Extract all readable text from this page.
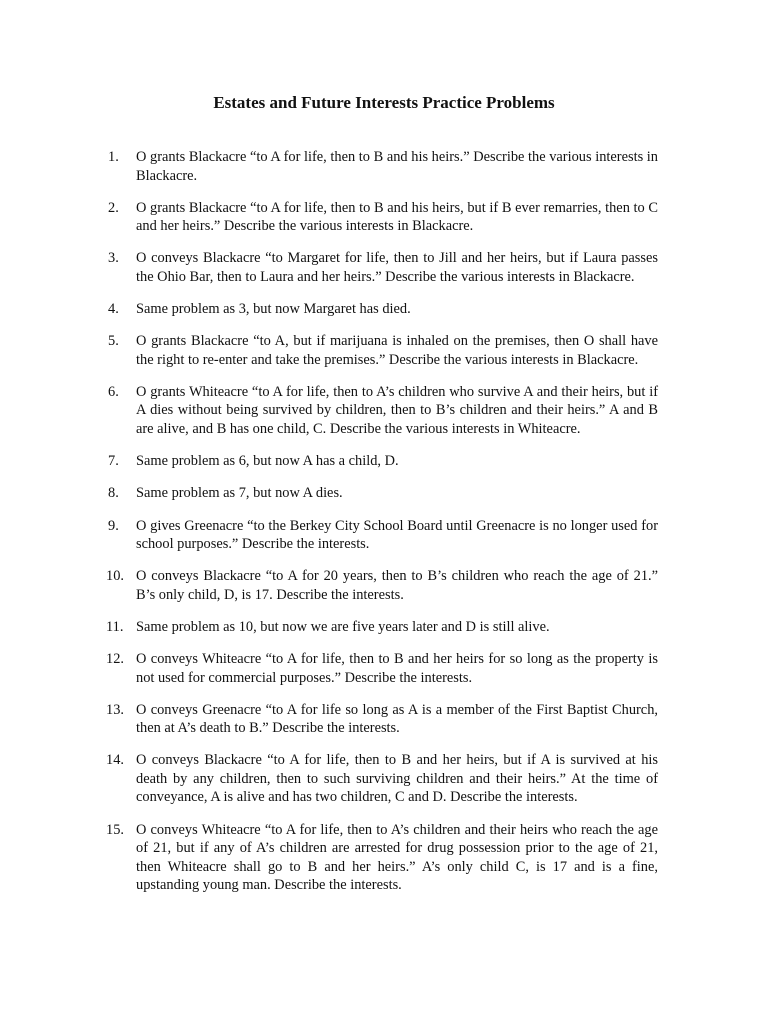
Estates and Future Interests Practice Problems
1.	O grants Blackacre “to A for life, then to B and his heirs.” Describe the various interests in Blackacre.
2.	O grants Blackacre “to A for life, then to B and his heirs, but if B ever remarries, then to C and her heirs.” Describe the various interests in Blackacre.
3.	O conveys Blackacre “to Margaret for life, then to Jill and her heirs, but if Laura passes the Ohio Bar, then to Laura and her heirs.” Describe the various interests in Blackacre.
4.	Same problem as 3, but now Margaret has died.
5.	O grants Blackacre “to A, but if marijuana is inhaled on the premises, then O shall have the right to re-enter and take the premises.” Describe the various interests in Blackacre.
6.	O grants Whiteacre “to A for life, then to A’s children who survive A and their heirs, but if A dies without being survived by children, then to B’s children and their heirs.” A and B are alive, and B has one child, C. Describe the various interests in Whiteacre.
7.	Same problem as 6, but now A has a child, D.
8.	Same problem as 7, but now A dies.
9.	O gives Greenacre “to the Berkey City School Board until Greenacre is no longer used for school purposes.” Describe the interests.
10. O conveys Blackacre “to A for 20 years, then to B’s children who reach the age of 21.” B’s only child, D, is 17. Describe the interests.
11. Same problem as 10, but now we are five years later and D is still alive.
12. O conveys Whiteacre “to A for life, then to B and her heirs for so long as the property is not used for commercial purposes.” Describe the interests.
13. O conveys Greenacre “to A for life so long as A is a member of the First Baptist Church, then at A’s death to B.” Describe the interests.
14. O conveys Blackacre “to A for life, then to B and her heirs, but if A is survived at his death by any children, then to such surviving children and their heirs.” At the time of conveyance, A is alive and has two children, C and D. Describe the interests.
15. O conveys Whiteacre “to A for life, then to A’s children and their heirs who reach the age of 21, but if any of A’s children are arrested for drug possession prior to the age of 21, then Whiteacre shall go to B and her heirs.” A’s only child C, is 17 and is a fine, upstanding young man. Describe the interests.
